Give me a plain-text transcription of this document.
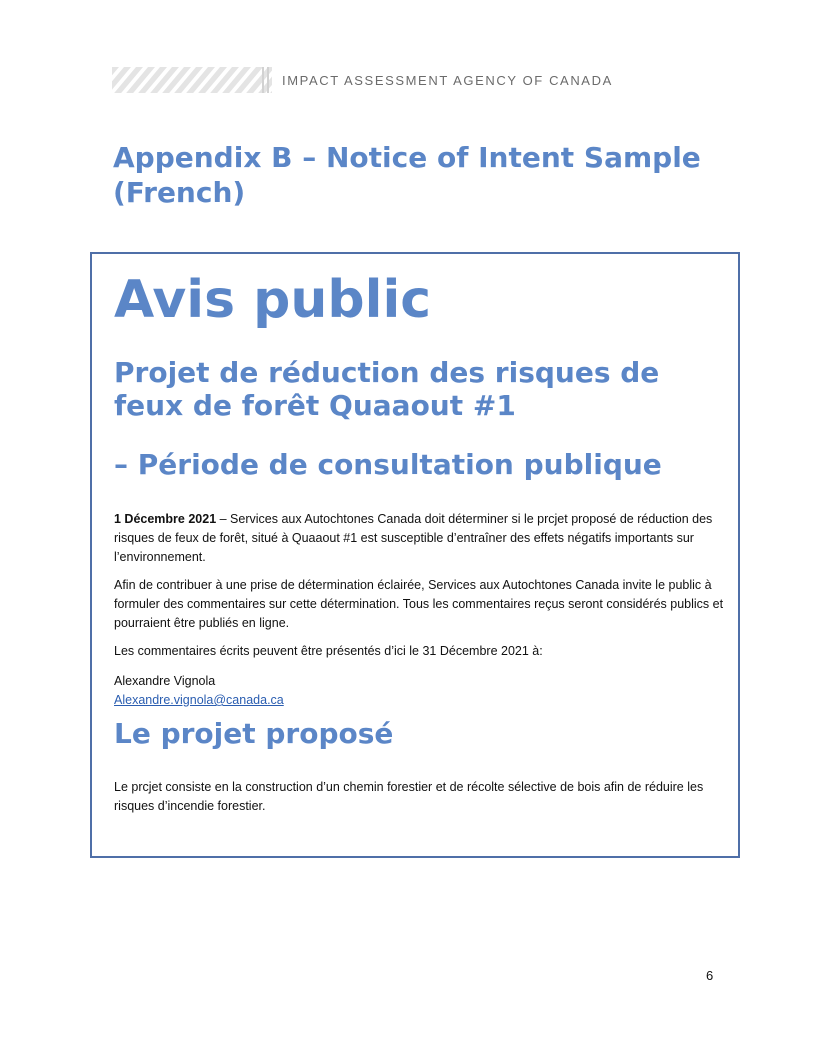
IMPACT ASSESSMENT AGENCY OF CANADA
Appendix B – Notice of Intent Sample (French)
Avis public
Projet de réduction des risques de feux de forêt Quaaout #1
– Période de consultation publique

1 Décembre 2021 – Services aux Autochtones Canada doit déterminer si le prcjet proposé de réduction des risques de feux de forêt, situé à Quaaout #1 est susceptible d’entraîner des effets négatifs importants sur l’environnement.

Afin de contribuer à une prise de détermination éclairée, Services aux Autochtones Canada invite le public à formuler des commentaires sur cette détermination. Tous les commentaires reçus seront considérés publics et pourraient être publiés en ligne.

Les commentaires écrits peuvent être présentés d’ici le 31 Décembre 2021 à:

Alexandre Vignola
Alexandre.vignola@canada.ca

Le projet proposé

Le prcjet consiste en la construction d’un chemin forestier et de récolte sélective de bois afin de réduire les risques d’incendie forestier.

6
